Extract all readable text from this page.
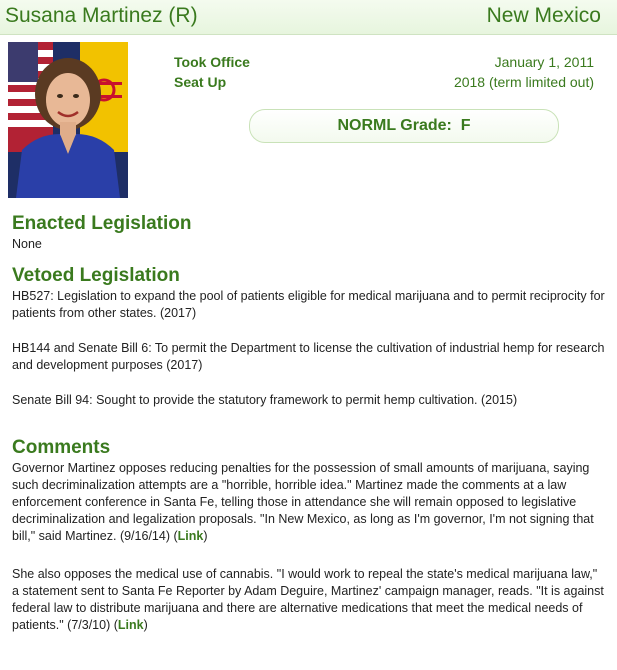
Susana Martinez (R)	New Mexico
Took Office	January 1, 2011
Seat Up	2018 (term limited out)
NORML Grade: F
Enacted Legislation

None

Vetoed Legislation

HB527: Legislation to expand the pool of patients eligible for medical marijuana and to permit reciprocity for patients from other states. (2017)

HB144 and Senate Bill 6: To permit the Department to license the cultivation of industrial hemp for research and development purposes (2017)

Senate Bill 94: Sought to provide the statutory framework to permit hemp cultivation. (2015)

Comments

Governor Martinez opposes reducing penalties for the possession of small amounts of marijuana, saying such decriminalization attempts are a "horrible, horrible idea." Martinez made the comments at a law enforcement conference in Santa Fe, telling those in attendance she will remain opposed to legislative decriminalization and legalization proposals. "In New Mexico, as long as I'm governor, I'm not signing that bill," said Martinez. (9/16/14) (Link)

She also opposes the medical use of cannabis. "I would work to repeal the state's medical marijuana law," a statement sent to Santa Fe Reporter by Adam Deguire, Martinez' campaign manager, reads. "It is against federal law to distribute marijuana and there are alternative medications that meet the medical needs of patients." (7/3/10) (Link)
